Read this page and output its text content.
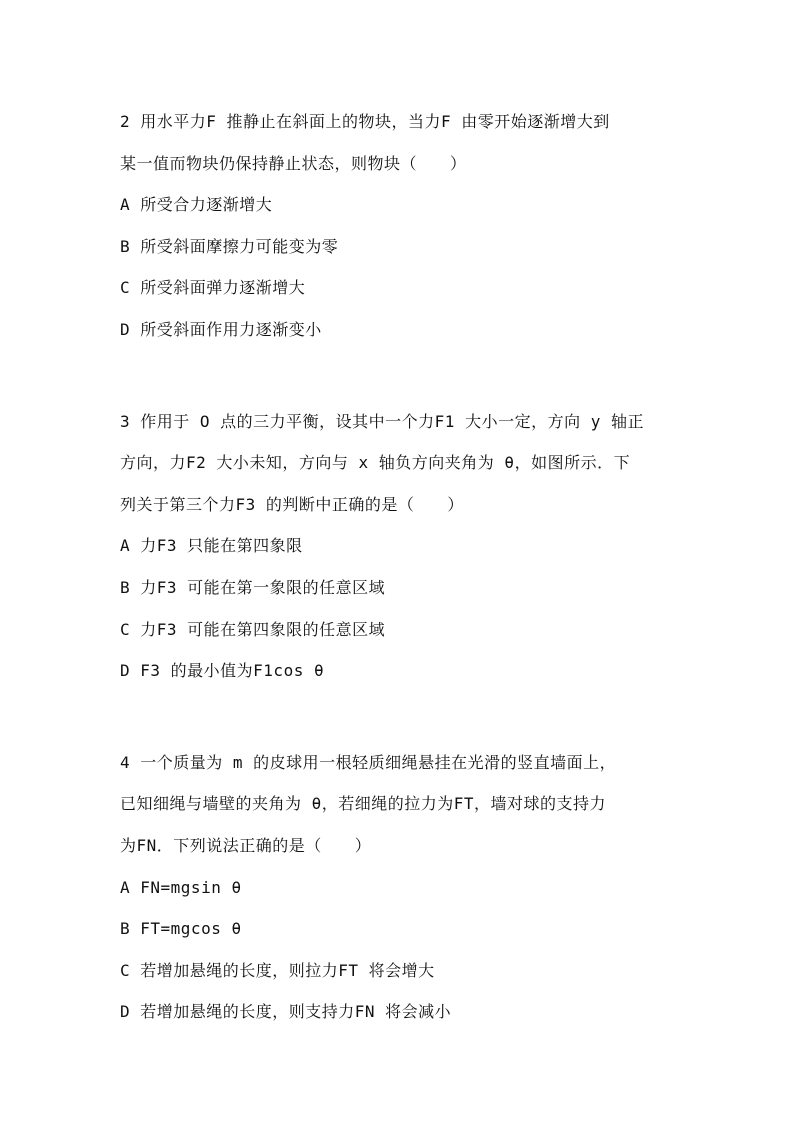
2 用水平力F 推静止在斜面上的物块，当力F 由零开始逐渐增大到
某一值而物块仍保持静止状态，则物块（　　）
A 所受合力逐渐增大
B 所受斜面摩擦力可能变为零
C 所受斜面弹力逐渐增大
D 所受斜面作用力逐渐变小
3 作用于 O 点的三力平衡，设其中一个力F1 大小一定，方向 y 轴正
方向，力F2 大小未知，方向与 x 轴负方向夹角为 θ，如图所示．下
列关于第三个力F3 的判断中正确的是（　　）
A 力F3 只能在第四象限
B 力F3 可能在第一象限的任意区域
C 力F3 可能在第四象限的任意区域
D F3 的最小值为F1cos θ
4 一个质量为 m 的皮球用一根轻质细绳悬挂在光滑的竖直墙面上，
已知细绳与墙壁的夹角为 θ，若细绳的拉力为FT，墙对球的支持力
为FN．下列说法正确的是（　　）
A FN=mgsin θ
B FT=mgcos θ
C 若增加悬绳的长度，则拉力FT 将会增大
D 若增加悬绳的长度，则支持力FN 将会减小
